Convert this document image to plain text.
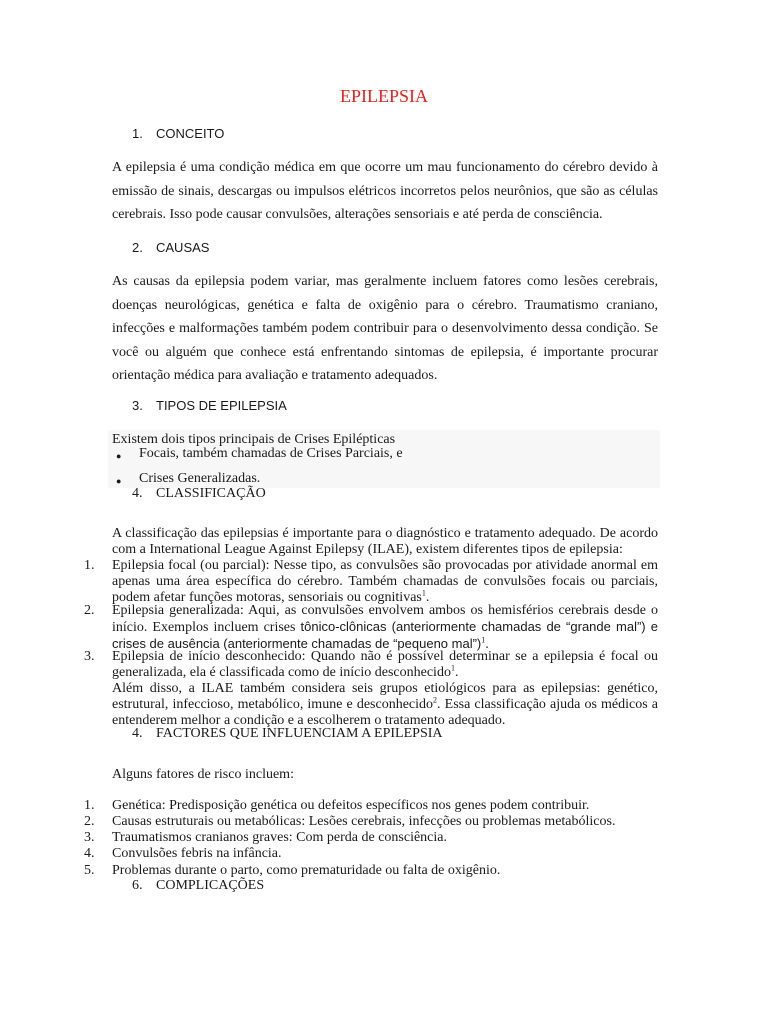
EPILEPSIA
1. CONCEITO
A epilepsia é uma condição médica em que ocorre um mau funcionamento do cérebro devido à emissão de sinais, descargas ou impulsos elétricos incorretos pelos neurônios, que são as células cerebrais. Isso pode causar convulsões, alterações sensoriais e até perda de consciência.
2. CAUSAS
As causas da epilepsia podem variar, mas geralmente incluem fatores como lesões cerebrais, doenças neurológicas, genética e falta de oxigênio para o cérebro. Traumatismo craniano, infecções e malformações também podem contribuir para o desenvolvimento dessa condição. Se você ou alguém que conhece está enfrentando sintomas de epilepsia, é importante procurar orientação médica para avaliação e tratamento adequados.
3. TIPOS DE EPILEPSIA
Existem dois tipos principais de Crises Epilépticas
● Focais, também chamadas de Crises Parciais, e
● Crises Generalizadas.
4. CLASSIFICAÇÃO
A classificação das epilepsias é importante para o diagnóstico e tratamento adequado. De acordo com a International League Against Epilepsy (ILAE), existem diferentes tipos de epilepsia:
1. Epilepsia focal (ou parcial): Nesse tipo, as convulsões são provocadas por atividade anormal em apenas uma área específica do cérebro. Também chamadas de convulsões focais ou parciais, podem afetar funções motoras, sensoriais ou cognitivas$^1$.
2. Epilepsia generalizada: Aqui, as convulsões envolvem ambos os hemisférios cerebrais desde o início. Exemplos incluem crises tônico-clônicas (anteriormente chamadas de “grande mal”) e crises de ausência (anteriormente chamadas de “pequeno mal”)$^1$.
3. Epilepsia de início desconhecido: Quando não é possível determinar se a epilepsia é focal ou generalizada, ela é classificada como de início desconhecido$^1$.
Além disso, a ILAE também considera seis grupos etiológicos para as epilepsias: genético, estrutural, infeccioso, metabólico, imune e desconhecido$^2$. Essa classificação ajuda os médicos a entenderem melhor a condição e a escolherem o tratamento adequado.
4. FACTORES QUE INFLUENCIAM A EPILEPSIA
Alguns fatores de risco incluem:
1. Genética: Predisposição genética ou defeitos específicos nos genes podem contribuir.
2. Causas estruturais ou metabólicas: Lesões cerebrais, infecções ou problemas metabólicos.
3. Traumatismos cranianos graves: Com perda de consciência.
4. Convulsões febris na infância.
5. Problemas durante o parto, como prematuridade ou falta de oxigênio.
6. COMPLICAÇÕES
